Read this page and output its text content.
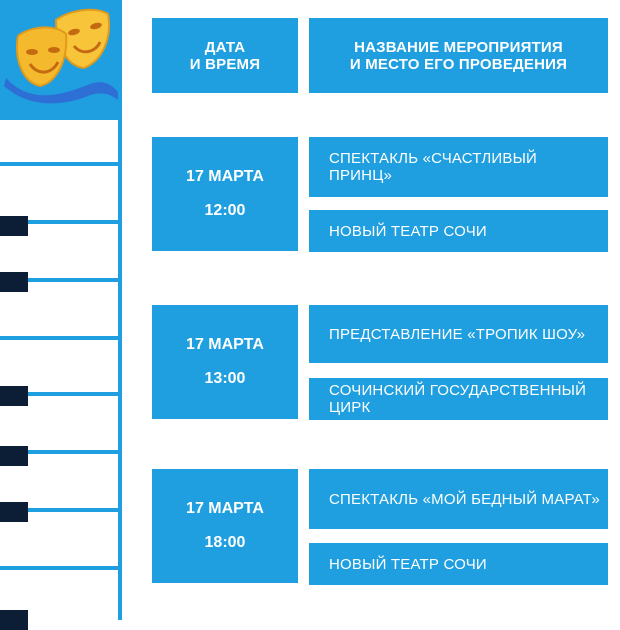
ДАТА
И ВРЕМЯ
НАЗВАНИЕ МЕРОПРИЯТИЯ
И МЕСТО ЕГО ПРОВЕДЕНИЯ
17 МАРТА
12:00
СПЕКТАКЛЬ «СЧАСТЛИВЫЙ ПРИНЦ»
НОВЫЙ ТЕАТР СОЧИ
17 МАРТА
13:00
ПРЕДСТАВЛЕНИЕ «ТРОПИК ШОУ»
СОЧИНСКИЙ ГОСУДАРСТВЕННЫЙ ЦИРК
17 МАРТА
18:00
СПЕКТАКЛЬ «МОЙ БЕДНЫЙ МАРАТ»
НОВЫЙ ТЕАТР СОЧИ
